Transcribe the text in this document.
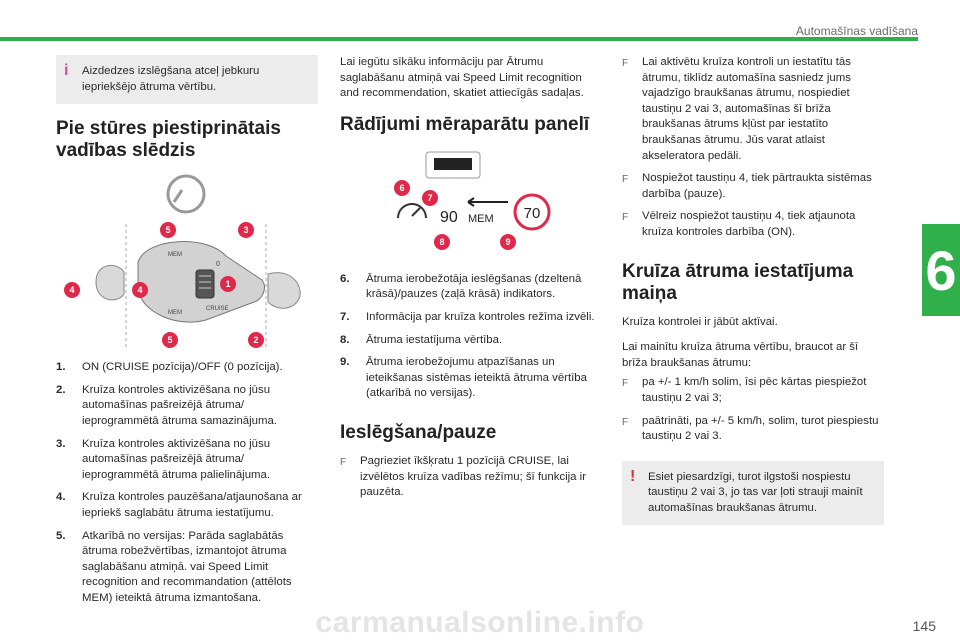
Automašīnas vadīšana
6
carmanualsonline.info	145
i Aizdedzes izslēgšana atceļ jebkuru iepriekšējo ātruma vērtību.
Pie stūres piestiprinātais vadības slēdzis
MEM
CRUISE
MEM
0
5	3
4	4
1
5	2
1.	ON (CRUISE pozīcija)/OFF (0 pozīcija).
2.	Kruīza kontroles aktivizēšana no jūsu automašīnas pašreizējā ātruma/ ieprogrammētā ātruma samazinājuma.
3.	Kruīza kontroles aktivizēšana no jūsu automašīnas pašreizējā ātruma/ ieprogrammētā ātruma palielinājuma.
4.	Kruīza kontroles pauzēšana/atjaunošana ar iepriekš saglabātu ātruma iestatījumu.
5.	Atkarībā no versijas: Parāda saglabātās ātruma robežvērtības, izmantojot ātruma saglabāšanu atmiņā. vai Speed Limit recognition and recommandation (attēlots MEM) ieteiktā ātruma izmantošana.

Lai iegūtu sīkāku informāciju par Ātrumu saglabāšanu atmiņā vai Speed Limit recognition and recommendation, skatiet attiecīgās sadaļas.

Rādījumi mēraparātu panelī
90 MEM 70
6
7
8	9
6.	Ātruma ierobežotāja ieslēgšanas (dzeltenā krāsā)/pauzes (zaļā krāsā) indikators.
7.	Informācija par kruīza kontroles režīma izvēli.
8.	Ātruma iestatījuma vērtība.
9.	Ātruma ierobežojumu atpazīšanas un ieteikšanas sistēmas ieteiktā ātruma vērtība (atkarībā no versijas).
Ieslēgšana/pauze
F	Pagrieziet īkšķratu 1 pozīcijā CRUISE, lai izvēlētos kruīza vadības režīmu; šī funkcija ir pauzēta.
F	Lai aktivētu kruīza kontroli un iestatītu tās ātrumu, tiklīdz automašīna sasniedz jums vajadzīgo braukšanas ātrumu, nospiediet taustiņu 2 vai 3, automašīnas šī brīža braukšanas ātrums kļūst par iestatīto braukšanas ātrumu. Jūs varat atlaist akseleratora pedāli.
F	Nospiežot taustiņu 4, tiek pārtraukta sistēmas darbība (pauze).
F	Vēlreiz nospiežot taustiņu 4, tiek atjaunota kruīza kontroles darbība (ON).
Kruīza ātruma iestatījuma maiņa

Kruīza kontrolei ir jābūt aktīvai.

Lai mainītu kruīza ātruma vērtību, braucot ar šī brīža braukšanas ātrumu:

F	pa +/- 1 km/h solim, īsi pēc kārtas piespiežot taustiņu 2 vai 3;
F	paātrināti, pa +/- 5 km/h, solim, turot piespiestu taustiņu 2 vai 3.
! Esiet piesardzīgi, turot ilgstoši nospiestu taustiņu 2 vai 3, jo tas var ļoti strauji mainīt automašīnas braukšanas ātrumu.
